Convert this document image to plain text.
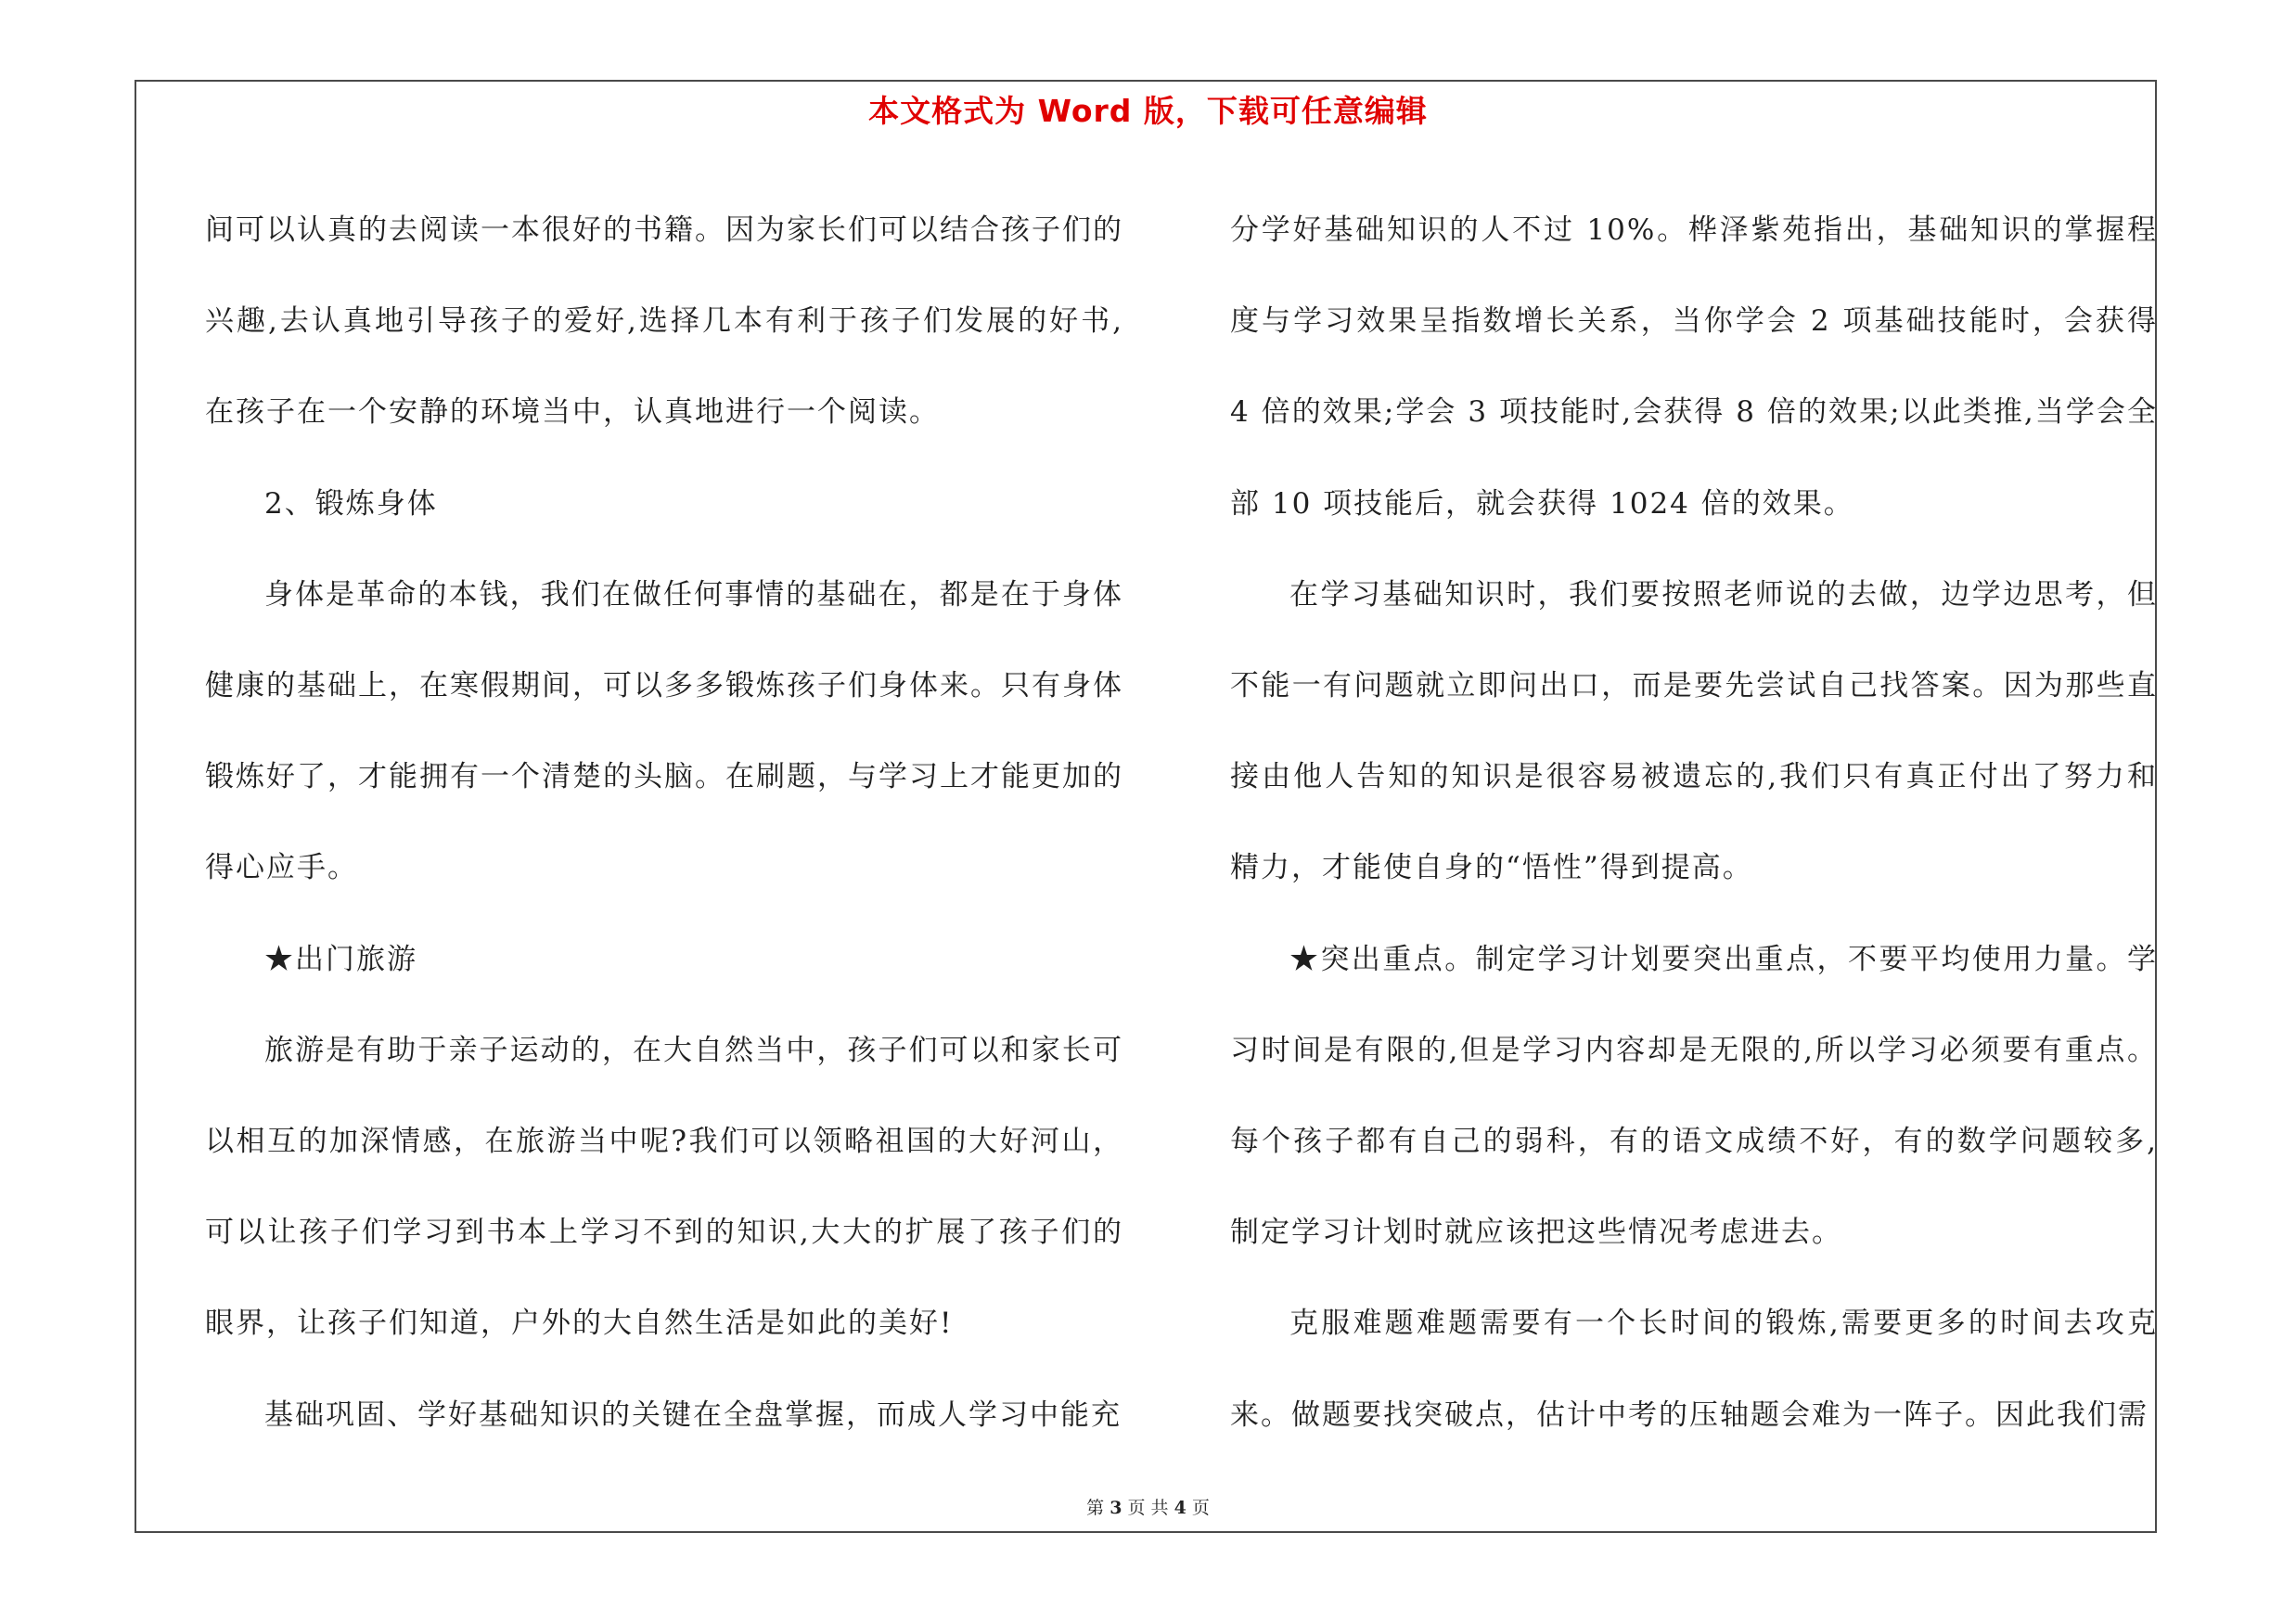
本文格式为 Word 版，下载可任意编辑

间可以认真的去阅读一本很好的书籍。因为家长们可以结合孩子们的兴趣,去认真地引导孩子的爱好,选择几本有利于孩子们发展的好书,在孩子在一个安静的环境当中，认真地进行一个阅读。

2、锻炼身体

身体是革命的本钱，我们在做任何事情的基础在，都是在于身体健康的基础上，在寒假期间，可以多多锻炼孩子们身体来。只有身体锻炼好了，才能拥有一个清楚的头脑。在刷题，与学习上才能更加的得心应手。

★出门旅游

旅游是有助于亲子运动的，在大自然当中，孩子们可以和家长可以相互的加深情感，在旅游当中呢?我们可以领略祖国的大好河山，可以让孩子们学习到书本上学习不到的知识,大大的扩展了孩子们的眼界，让孩子们知道，户外的大自然生活是如此的美好!

基础巩固、学好基础知识的关键在全盘掌握，而成人学习中能充

分学好基础知识的人不过 10%。桦泽紫苑指出，基础知识的掌握程度与学习效果呈指数增长关系，当你学会 2 项基础技能时，会获得 4 倍的效果;学会 3 项技能时,会获得 8 倍的效果;以此类推,当学会全部 10 项技能后，就会获得 1024 倍的效果。

在学习基础知识时，我们要按照老师说的去做，边学边思考，但不能一有问题就立即问出口，而是要先尝试自己找答案。因为那些直接由他人告知的知识是很容易被遗忘的,我们只有真正付出了努力和精力，才能使自身的“悟性”得到提高。

★突出重点。制定学习计划要突出重点，不要平均使用力量。学习时间是有限的,但是学习内容却是无限的,所以学习必须要有重点。每个孩子都有自己的弱科，有的语文成绩不好，有的数学问题较多,制定学习计划时就应该把这些情况考虑进去。

克服难题难题需要有一个长时间的锻炼,需要更多的时间去攻克来。做题要找突破点，估计中考的压轴题会难为一阵子。因此我们需

第 3 页 共 4 页
